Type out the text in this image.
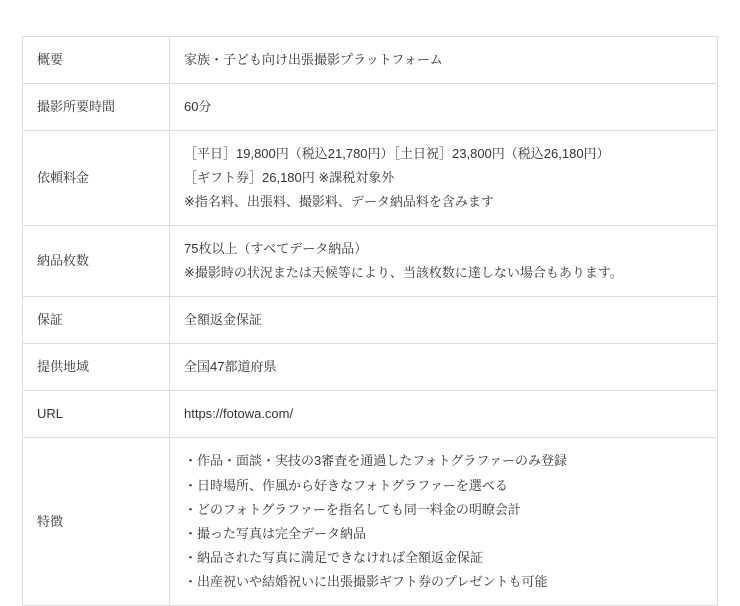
概要	家族・子ども向け出張撮影プラットフォーム

撮影所要時間	60分

依頼料金	［平日］19,800円（税込21,780円）［土日祝］23,800円（税込26,180円）
［ギフト券］26,180円 ※課税対象外
※指名料、出張料、撮影料、データ納品料を含みます

納品枚数	75枚以上（すべてデータ納品）
※撮影時の状況または天候等により、当該枚数に達しない場合もあります。

保証	全額返金保証

提供地域	全国47都道府県

URL	https://fotowa.com/

特徴	
・作品・面談・実技の3審査を通過したフォトグラファーのみ登録
・日時場所、作風から好きなフォトグラファーを選べる
・どのフォトグラファーを指名しても同一料金の明瞭会計
・撮った写真は完全データ納品
・納品された写真に満足できなければ全額返金保証
・出産祝いや結婚祝いに出張撮影ギフト券のプレゼントも可能
